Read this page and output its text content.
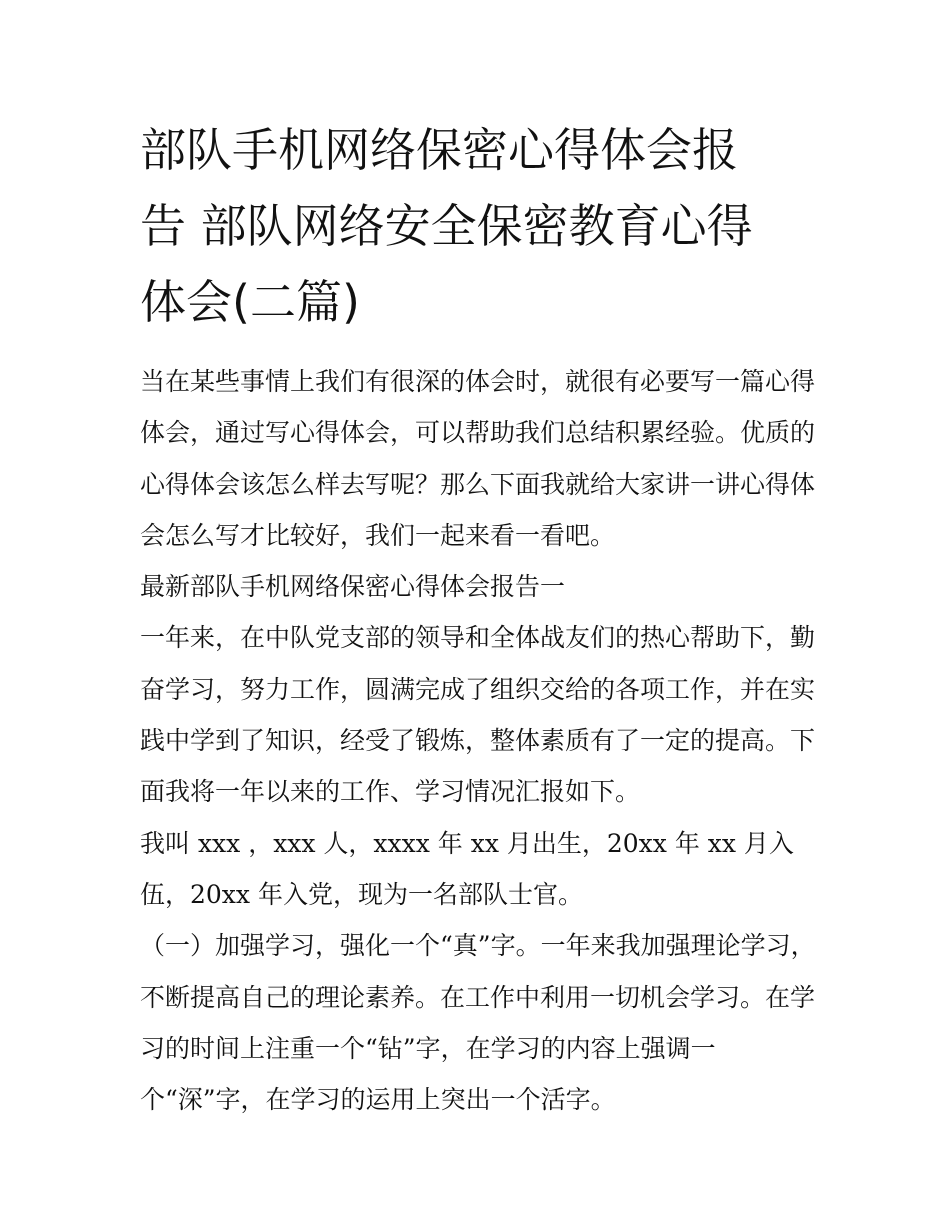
部队手机网络保密心得体会报
告 部队网络安全保密教育心得
体会(二篇)
当在某些事情上我们有很深的体会时，就很有必要写一篇心得
体会，通过写心得体会，可以帮助我们总结积累经验。优质的
心得体会该怎么样去写呢？那么下面我就给大家讲一讲心得体
会怎么写才比较好，我们一起来看一看吧。
最新部队手机网络保密心得体会报告一
一年来，在中队党支部的领导和全体战友们的热心帮助下，勤
奋学习，努力工作，圆满完成了组织交给的各项工作，并在实
践中学到了知识，经受了锻炼，整体素质有了一定的提高。下
面我将一年以来的工作、学习情况汇报如下。
我叫 xxx ，xxx 人，xxxx 年 xx 月出生，20xx 年 xx 月入
伍，20xx 年入党，现为一名部队士官。
（一）加强学习，强化一个“真”字。一年来我加强理论学习，
不断提高自己的理论素养。在工作中利用一切机会学习。在学
习的时间上注重一个“钻”字，在学习的内容上强调一
个“深”字，在学习的运用上突出一个活字。
